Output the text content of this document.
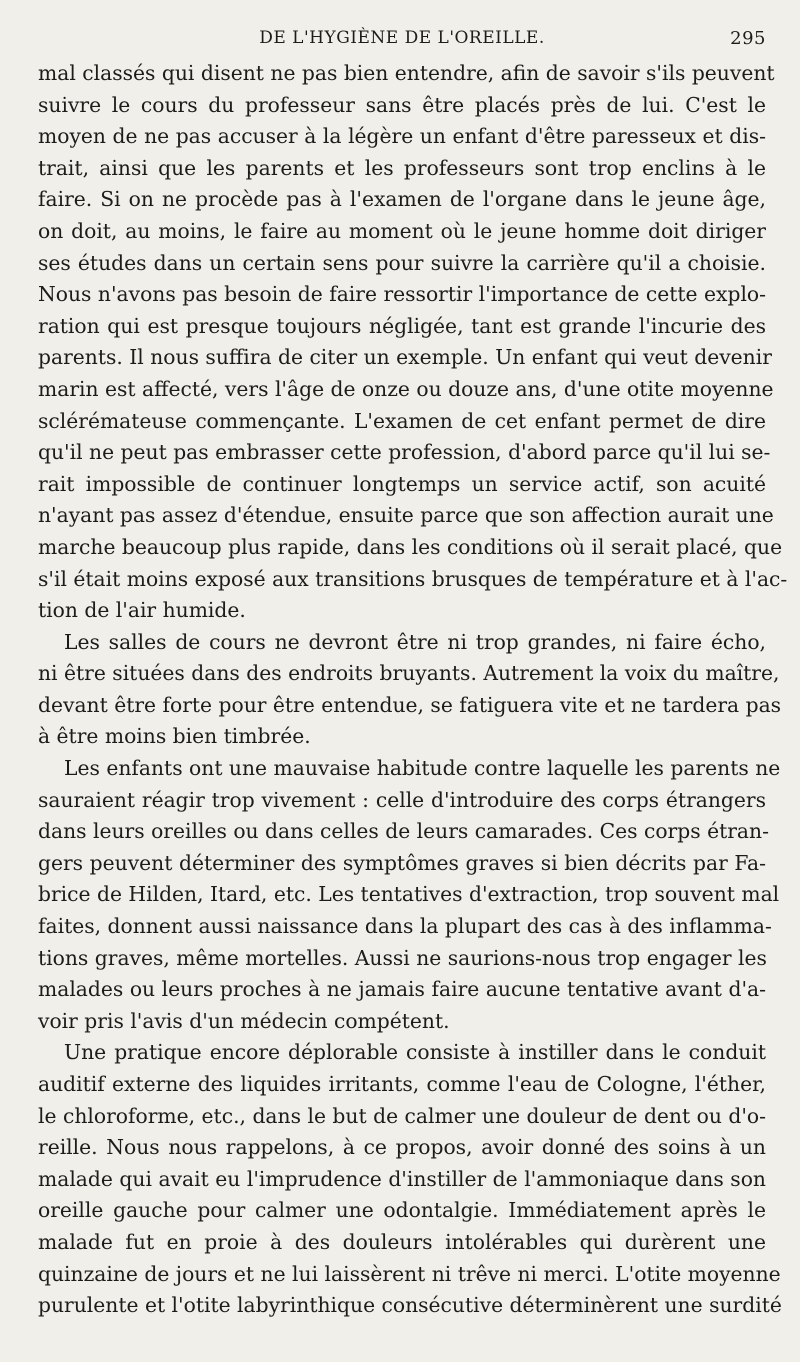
DE L'HYGIÈNE DE L'OREILLE.	295

mal classés qui disent ne pas bien entendre, afin de savoir s'ils peuvent
suivre le cours du professeur sans être placés près de lui. C'est le
moyen de ne pas accuser à la légère un enfant d'être paresseux et dis-
trait, ainsi que les parents et les professeurs sont trop enclins à le
faire. Si on ne procède pas à l'examen de l'organe dans le jeune âge,
on doit, au moins, le faire au moment où le jeune homme doit diriger
ses études dans un certain sens pour suivre la carrière qu'il a choisie.
Nous n'avons pas besoin de faire ressortir l'importance de cette explo-
ration qui est presque toujours négligée, tant est grande l'incurie des
parents. Il nous suffira de citer un exemple. Un enfant qui veut devenir
marin est affecté, vers l'âge de onze ou douze ans, d'une otite moyenne
sclérémateuse commençante. L'examen de cet enfant permet de dire
qu'il ne peut pas embrasser cette profession, d'abord parce qu'il lui se-
rait impossible de continuer longtemps un service actif, son acuité
n'ayant pas assez d'étendue, ensuite parce que son affection aurait une
marche beaucoup plus rapide, dans les conditions où il serait placé, que
s'il était moins exposé aux transitions brusques de température et à l'ac-
tion de l'air humide.

Les salles de cours ne devront être ni trop grandes, ni faire écho,
ni être situées dans des endroits bruyants. Autrement la voix du maître,
devant être forte pour être entendue, se fatiguera vite et ne tardera pas
à être moins bien timbrée.

Les enfants ont une mauvaise habitude contre laquelle les parents ne
sauraient réagir trop vivement : celle d'introduire des corps étrangers
dans leurs oreilles ou dans celles de leurs camarades. Ces corps étran-
gers peuvent déterminer des symptômes graves si bien décrits par Fa-
brice de Hilden, Itard, etc. Les tentatives d'extraction, trop souvent mal
faites, donnent aussi naissance dans la plupart des cas à des inflamma-
tions graves, même mortelles. Aussi ne saurions-nous trop engager les
malades ou leurs proches à ne jamais faire aucune tentative avant d'a-
voir pris l'avis d'un médecin compétent.

Une pratique encore déplorable consiste à instiller dans le conduit
auditif externe des liquides irritants, comme l'eau de Cologne, l'éther,
le chloroforme, etc., dans le but de calmer une douleur de dent ou d'o-
reille. Nous nous rappelons, à ce propos, avoir donné des soins à un
malade qui avait eu l'imprudence d'instiller de l'ammoniaque dans son
oreille gauche pour calmer une odontalgie. Immédiatement après le
malade fut en proie à des douleurs intolérables qui durèrent une
quinzaine de jours et ne lui laissèrent ni trêve ni merci. L'otite moyenne
purulente et l'otite labyrinthique consécutive déterminèrent une surdité
